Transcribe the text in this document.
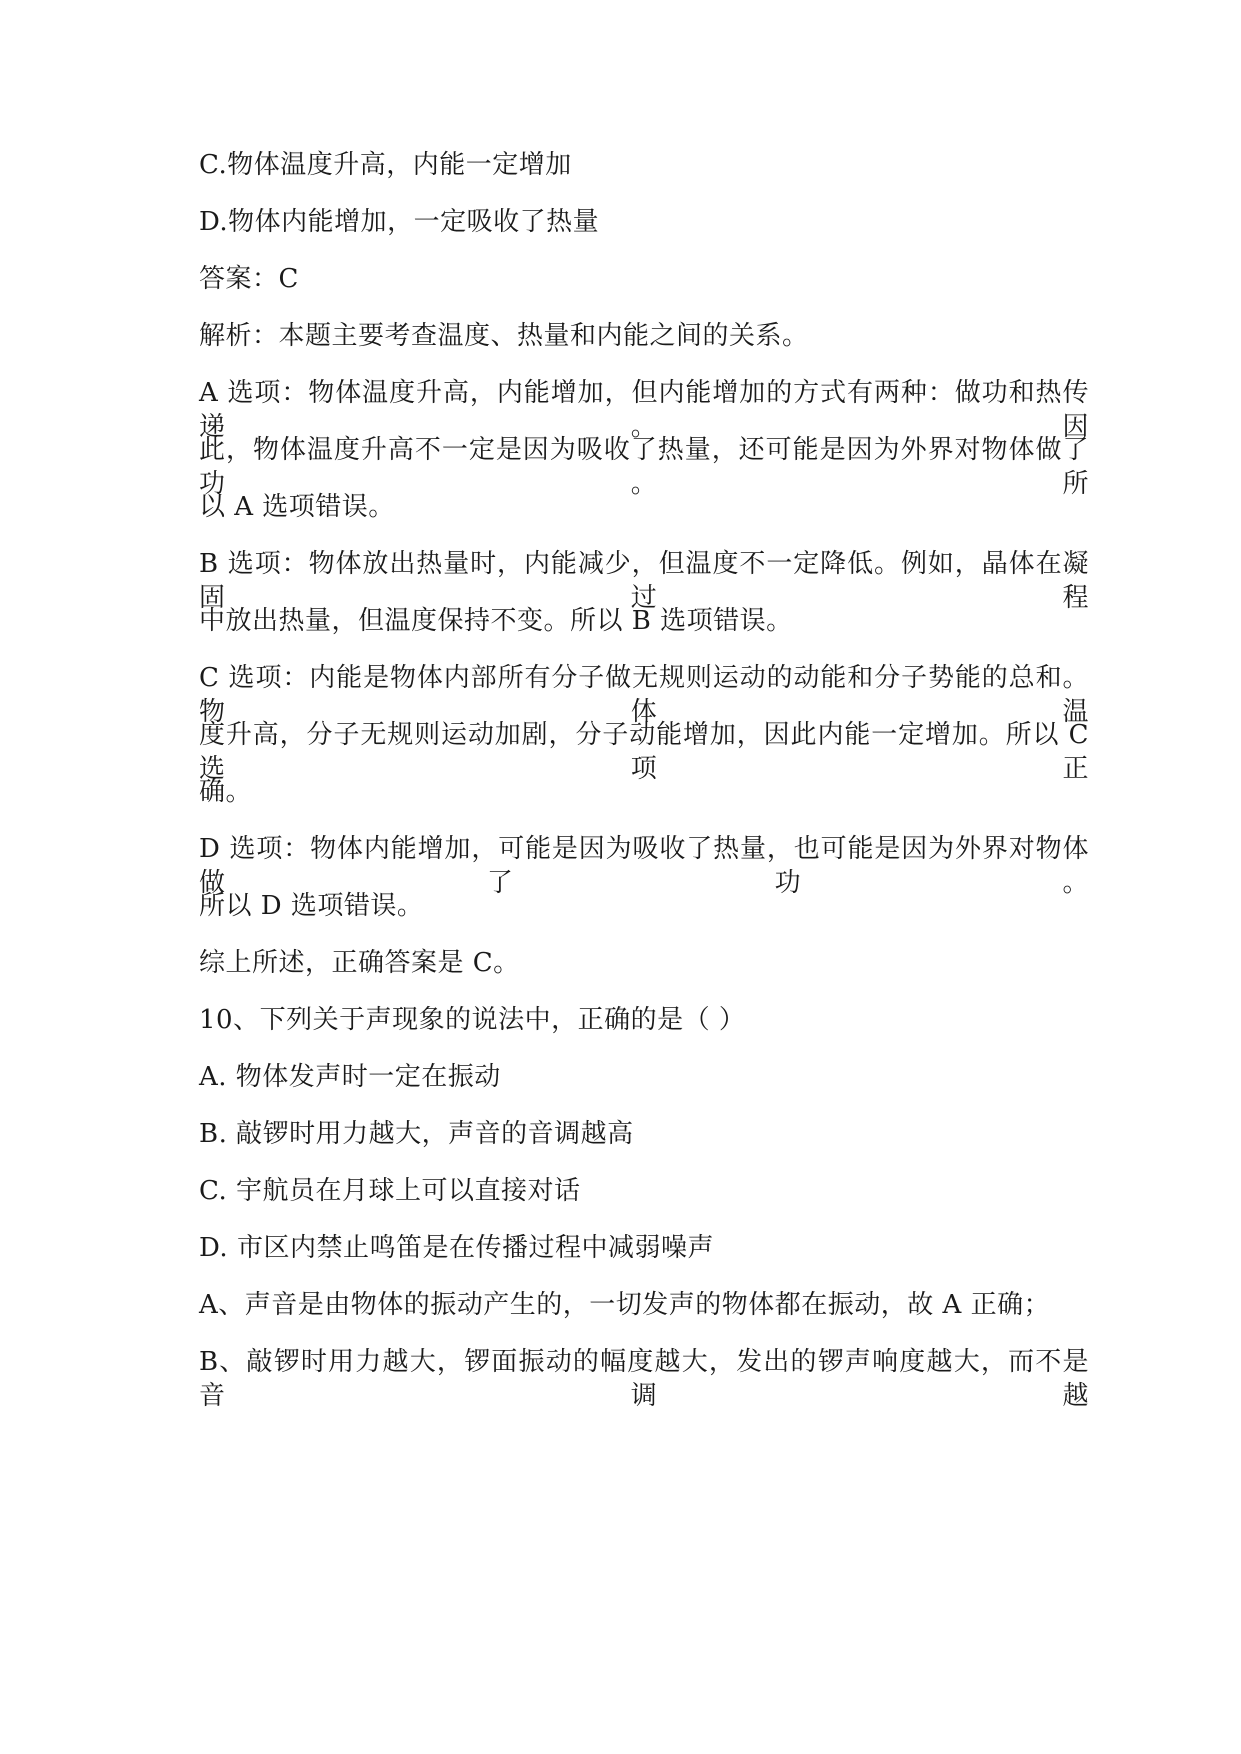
C.物体温度升高，内能一定增加
D.物体内能增加，一定吸收了热量
答案：C
解析：本题主要考查温度、热量和内能之间的关系。
A 选项：物体温度升高，内能增加，但内能增加的方式有两种：做功和热传递。因
此，物体温度升高不一定是因为吸收了热量，还可能是因为外界对物体做了功。所
以 A 选项错误。
B 选项：物体放出热量时，内能减少，但温度不一定降低。例如，晶体在凝固过程
中放出热量，但温度保持不变。所以 B 选项错误。
C 选项：内能是物体内部所有分子做无规则运动的动能和分子势能的总和。物体温
度升高，分子无规则运动加剧，分子动能增加，因此内能一定增加。所以 C 选项正
确。
D 选项：物体内能增加，可能是因为吸收了热量，也可能是因为外界对物体做了功。
所以 D 选项错误。
综上所述，正确答案是 C。
10、下列关于声现象的说法中，正确的是（ ）
A. 物体发声时一定在振动
B. 敲锣时用力越大，声音的音调越高
C. 宇航员在月球上可以直接对话
D. 市区内禁止鸣笛是在传播过程中减弱噪声
A、声音是由物体的振动产生的，一切发声的物体都在振动，故 A 正确；
B、敲锣时用力越大，锣面振动的幅度越大，发出的锣声响度越大，而不是音调越
